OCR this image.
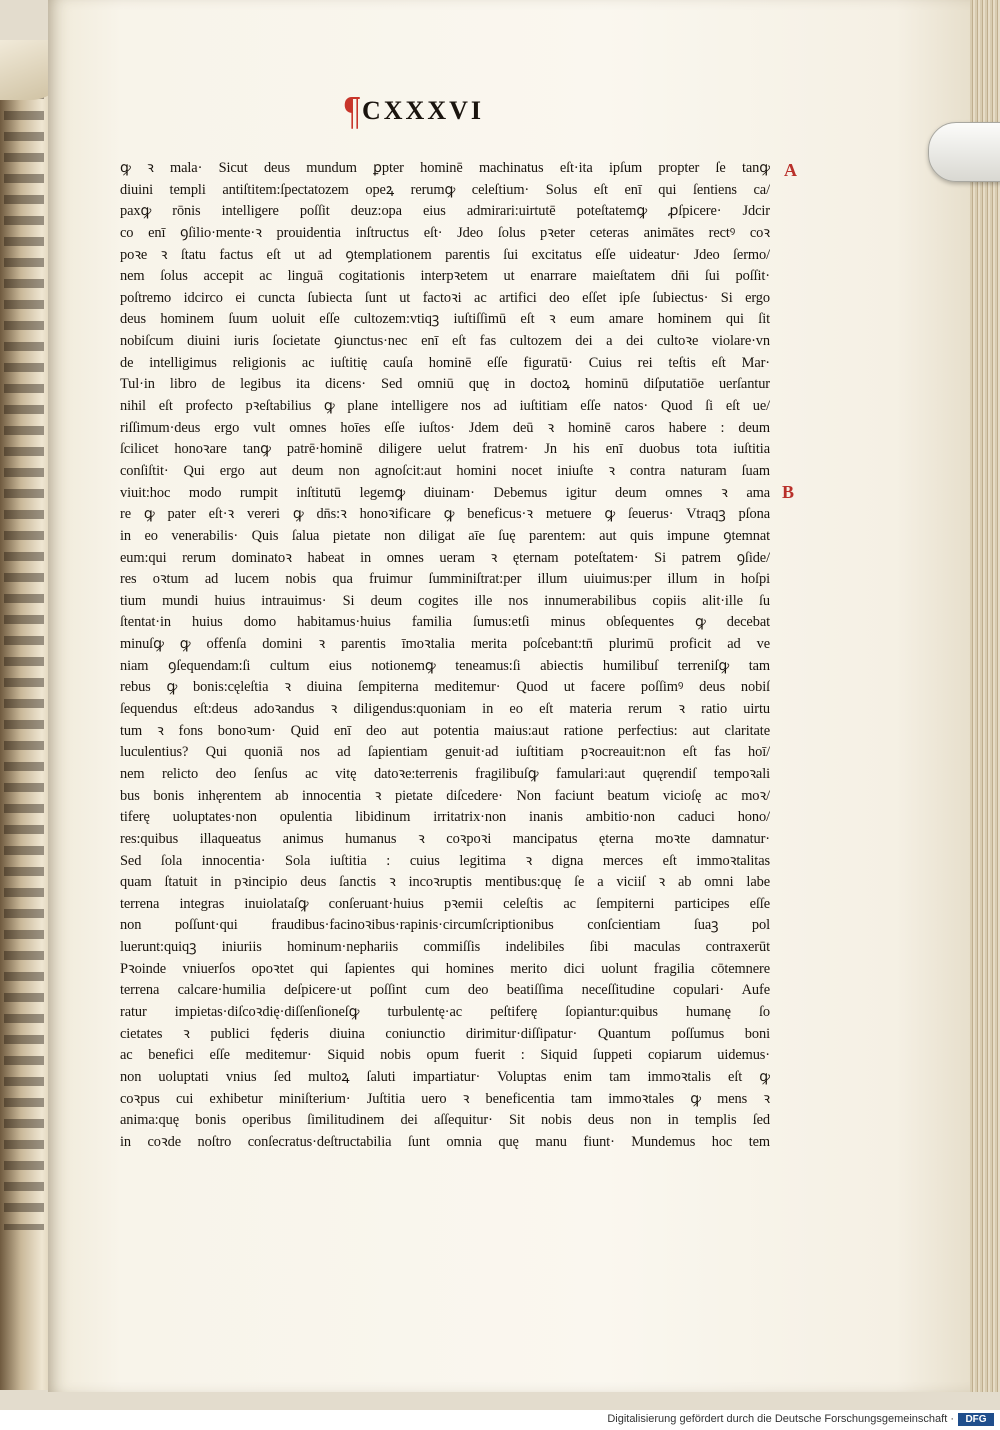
¶ CXXXVI
ꝙ ꝛ mala· Sicut deus mundum ꝑpter hominē machinatus eſt·ita ipſum propter ſe tanꝙ
diuini templi antiſtitem:ſpectatozem opeꝝ rerumꝙ celeſtium· Solus eſt enī qui ſentiens ca/
paxꝙ rōnis intelligere poſſit deuz:opa eius admirari:uirtutē poteſtatemꝙ ꝓſpicere· Jdcir
co enī ꝯſilio·mente·ꝛ prouidentia inſtructus eſt· Jdeo ſolus pꝛeter ceteras animātes rectꝰ coꝛ
poꝛe ꝛ ſtatu factus eſt ut ad ꝯtemplationem parentis ſui excitatus eſſe uideatur· Jdeo ſermo/
nem ſolus accepit ac linguā cogitationis interpꝛetem ut enarrare maieſtatem dn̄i ſui poſſit·
poſtremo idcirco ei cuncta ſubiecta ſunt ut factoꝛi ac artifici deo eſſet ipſe ſubiectus· Si ergo
deus hominem ſuum uoluit eſſe cultozem:vtiqꝫ iuſtiſſimū eſt ꝛ eum amare hominem qui ſit
nobiſcum diuini iuris ſocietate ꝯiunctus·nec enī eſt fas cultozem dei a dei cultoꝛe violare·vn
de intelligimus religionis ac iuſtitię cauſa hominē eſſe figuratū· Cuius rei teſtis eſt Mar·
Tul·in libro de legibus ita dicens· Sed omniū quę in doctoꝝ hominū diſputatiōe uerſantur
nihil eſt profecto pꝛeſtabilius ꝙ plane intelligere nos ad iuſtitiam eſſe natos· Quod ſi eſt ue/
riſſimum·deus ergo vult omnes hoīes eſſe iuſtos· Jdem deū ꝛ hominē caros habere : deum
ſcilicet honoꝛare tanꝙ patrē·hominē diligere uelut fratrem· Jn his enī duobus tota iuſtitia
conſiſtit· Qui ergo aut deum non agnoſcit:aut homini nocet iniuſte ꝛ contra naturam ſuam
viuit:hoc modo rumpit inſtitutū legemꝙ diuinam· Debemus igitur deum omnes ꝛ ama
re ꝙ pater eſt·ꝛ vereri ꝙ dn̄s:ꝛ honoꝛificare ꝙ beneficus·ꝛ metuere ꝙ ſeuerus· Vtraqꝫ pſona
in eo venerabilis· Quis ſalua pietate non diligat aīe ſuę parentem: aut quis impune ꝯtemnat
eum:qui rerum dominatoꝛ habeat in omnes ueram ꝛ ęternam poteſtatem· Si patrem ꝯſide/
res oꝛtum ad lucem nobis qua fruimur ſumminiſtrat:per illum uiuimus:per illum in hoſpi
tium mundi huius intrauimus· Si deum cogites ille nos innumerabilibus copiis alit·ille ſu
ſtentat·in huius domo habitamus·huius familia ſumus:etſi minus obſequentes ꝙ decebat
minuſꝙ ꝙ offenſa domini ꝛ parentis īmoꝛtalia merita poſcebant:tn̄ plurimū proficit ad ve
niam ꝯſequendam:ſi cultum eius notionemꝙ teneamus:ſi abiectis humilibuſ terreniſꝙ tam
rebus ꝙ bonis:cęleſtia ꝛ diuina ſempiterna meditemur· Quod ut facere poſſimꝰ deus nobiſ
ſequendus eſt:deus adoꝛandus ꝛ diligendus:quoniam in eo eſt materia rerum ꝛ ratio uirtu
tum ꝛ fons bonoꝛum· Quid enī deo aut potentia maius:aut ratione perfectius: aut claritate
luculentius? Qui quoniā nos ad ſapientiam genuit·ad iuſtitiam pꝛocreauit:non eſt fas hoī/
nem relicto deo ſenſus ac vitę datoꝛe:terrenis fragilibuſꝙ famulari:aut quęrendiſ tempoꝛali
bus bonis inhęrentem ab innocentia ꝛ pietate diſcedere· Non faciunt beatum vicioſę ac moꝛ/
tiferę uoluptates·non opulentia libidinum irritatrix·non inanis ambitio·non caduci hono/
res:quibus illaqueatus animus humanus ꝛ coꝛpoꝛi mancipatus ęterna moꝛte damnatur·
Sed ſola innocentia· Sola iuſtitia : cuius legitima ꝛ digna merces eſt immoꝛtalitas
quam ſtatuit in pꝛincipio deus ſanctis ꝛ incoꝛruptis mentibus:quę ſe a viciiſ ꝛ ab omni labe
terrena integras inuiolataſꝙ conſeruant·huius pꝛemii celeſtis ac ſempiterni participes eſſe
non poſſunt·qui fraudibus·facinoꝛibus·rapinis·circumſcriptionibus conſcientiam ſuaꝫ pol
luerunt:quiqꝫ iniuriis hominum·nephariis commiſſis indelibiles ſibi maculas contraxerūt
Pꝛoinde vniuerſos opoꝛtet qui ſapientes qui homines merito dici uolunt fragilia cōtemnere
terrena calcare·humilia deſpicere·ut poſſint cum deo beatiſſima neceſſitudine copulari· Aufe
ratur impietas·diſcoꝛdię·diſſenſioneſꝙ turbulentę·ac peſtiferę ſopiantur:quibus humanę ſo
cietates ꝛ publici fęderis diuina coniunctio dirimitur·diſſipatur· Quantum poſſumus boni
ac benefici eſſe meditemur· Siquid nobis opum fuerit : Siquid ſuppeti copiarum uidemus·
non uoluptati vnius ſed multoꝝ ſaluti impartiatur· Voluptas enim tam immoꝛtalis eſt ꝙ
coꝛpus cui exhibetur miniſterium· Juſtitia uero ꝛ beneficentia tam immoꝛtales ꝙ mens ꝛ
anima:quę bonis operibus ſimilitudinem dei aſſequitur· Sit nobis deus non in templis ſed
in coꝛde noſtro conſecratus·deſtructabilia ſunt omnia quę manu fiunt· Mundemus hoc tem
A
B
Digitalisierung gefördert durch die Deutsche Forschungsgemeinschaft ·	DFG
